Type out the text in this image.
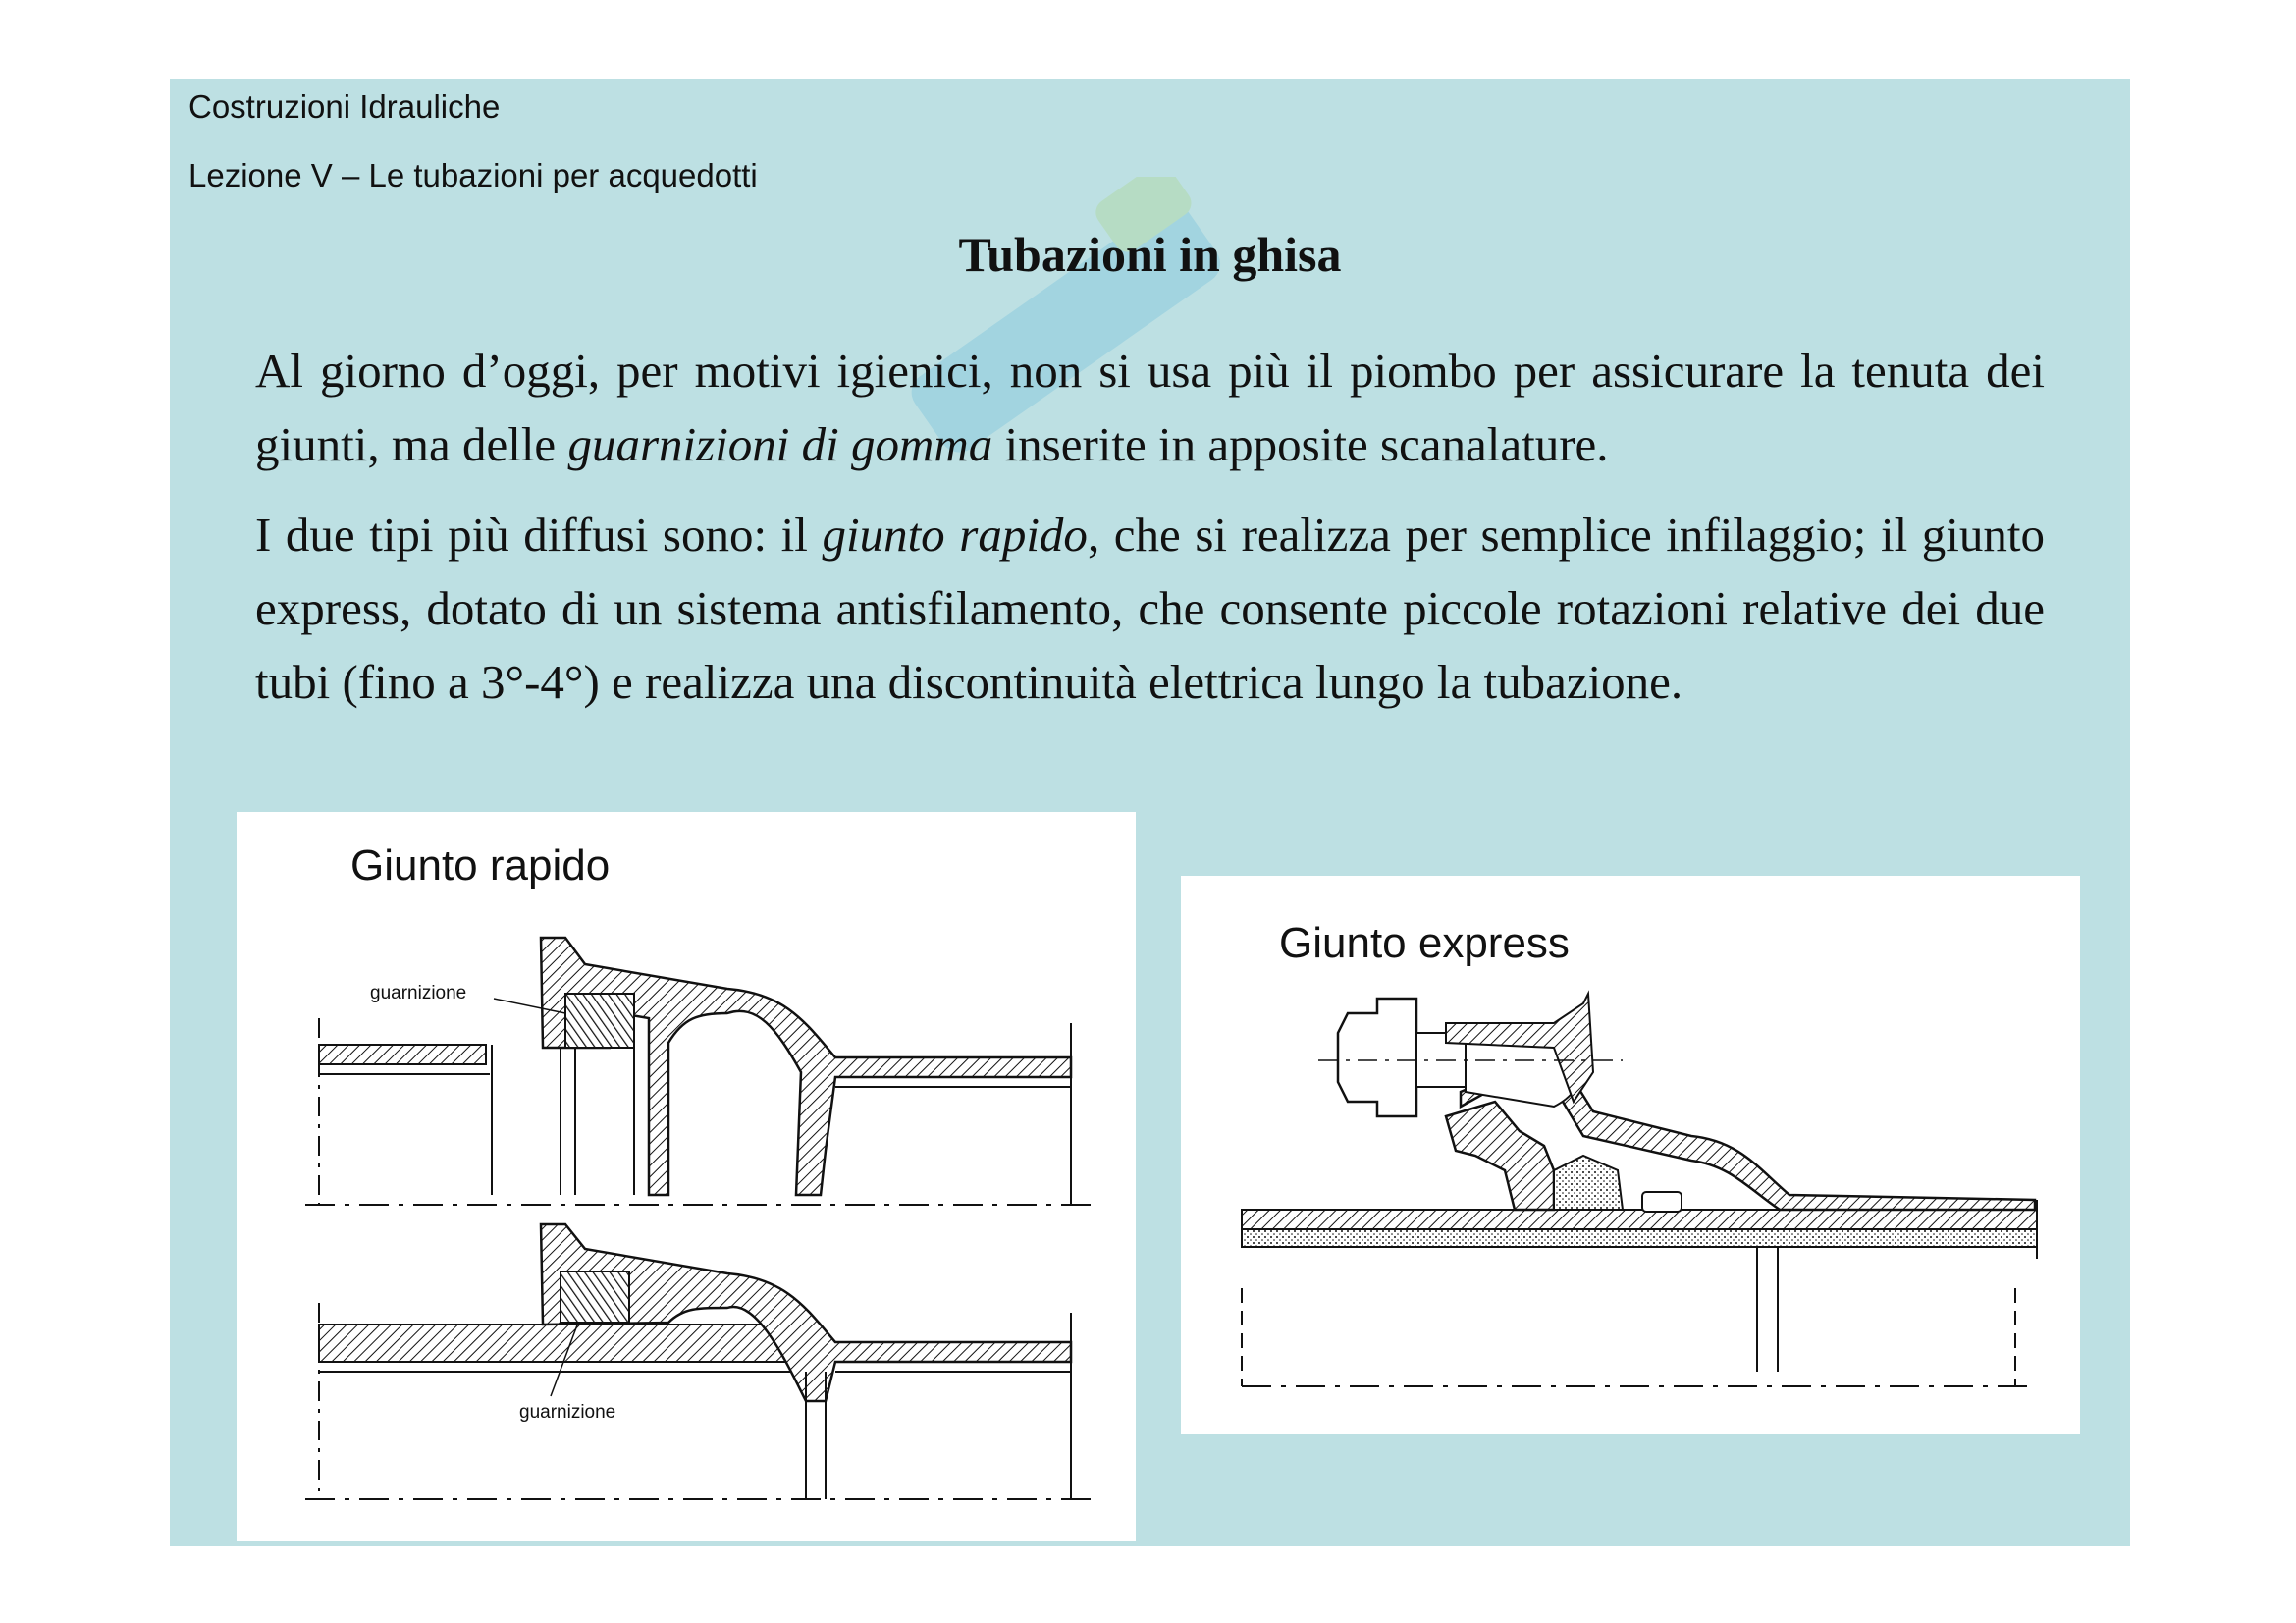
Costruzioni Idrauliche
Lezione V – Le tubazioni per acquedotti
Tubazioni in ghisa

Al giorno d’oggi, per motivi igienici, non si usa più il piombo per assicurare la tenuta dei giunti, ma delle guarnizioni di gomma inserite in apposite scanalature.

I due tipi più diffusi sono: il giunto rapido, che si realizza per semplice infilaggio; il giunto express, dotato di un sistema antisfilamento, che consente piccole rotazioni relative dei due tubi (fino a 3°-4°) e realizza una discontinuità elettrica lungo la tubazione.

Giunto rapido
guarnizione
guarnizione
Giunto express
